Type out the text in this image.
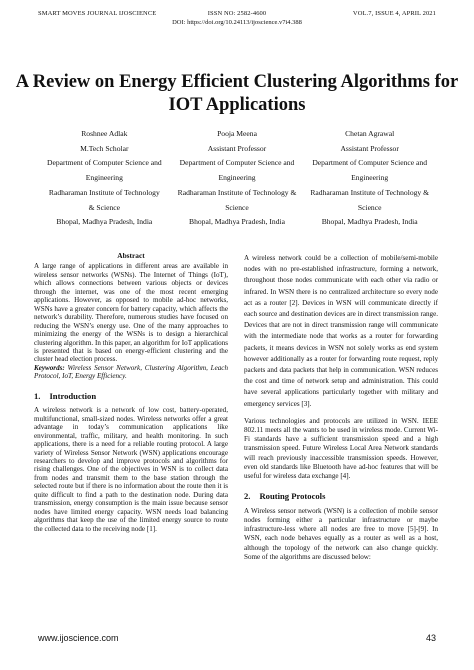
SMART MOVES JOURNAL IJOSCIENCE	ISSN NO: 2582-4600	VOL.7, ISSUE 4, APRIL 2021
DOI: https://doi.org/10.24113/ijoscience.v7i4.388
A Review on Energy Efficient Clustering Algorithms for
IOT Applications
Roshnee Adlak
M.Tech Scholar
Department of Computer Science and
Engineering
Radharaman Institute of Technology
& Science
Bhopal, Madhya Pradesh, India
Pooja Meena
Assistant Professor
Department of Computer Science and
Engineering
Radharaman Institute of Technology &
Science
Bhopal, Madhya Pradesh, India
Chetan Agrawal
Assistant Professor
Department of Computer Science and
Engineering
Radharaman Institute of Technology &
Science
Bhopal, Madhya Pradesh, India
Abstract
A large range of applications in different areas are available in wireless sensor networks (WSNs). The Internet of Things (IoT), which allows connections between various objects or devices through the internet, was one of the most recent emerging applications. However, as opposed to mobile ad-hoc networks, WSNs have a greater concern for battery capacity, which affects the network’s durability. Therefore, numerous studies have focused on reducing the WSN’s energy use. One of the many approaches to minimizing the energy of the WSNs is to design a hierarchical clustering algorithm. In this paper, an algorithm for IoT applications is presented that is based on energy-efficient clustering and the cluster head election process.
Keywords: Wireless Sensor Network, Clustering Algorithm, Leach Protocol, IoT, Energy Efficiency.
1. Introduction

A wireless network is a network of low cost, battery-operated, multifunctional, small-sized nodes. Wireless networks offer a great advantage in today’s communication applications like environmental, traffic, military, and health monitoring. In such applications, there is a need for a reliable routing protocol. A large variety of Wireless Sensor Network (WSN) applications encourage researchers to develop and improve protocols and algorithms for rising challenges. One of the objectives in WSN is to collect data from nodes and transmit them to the base station through the selected route but if there is no information about the route then it is quite difficult to find a path to the destination node. During data transmission, energy consumption is the main issue because sensor nodes have limited energy capacity. WSN needs load balancing algorithms that keep the use of the limited energy source to route the collected data to the receiving node [1].

A wireless network could be a collection of mobile/semi-mobile nodes with no pre-established infrastructure, forming a network, throughout those nodes communicate with each other via radio or infrared. In WSN there is no centralized architecture so every node act as a router [2]. Devices in WSN will communicate directly if each source and destination devices are in direct transmission range. Devices that are not in direct transmission range will communicate with the intermediate node that works as a router for forwarding packets, it means devices in WSN not solely works as end system however additionally as a router for forwarding route request, reply packets and data packets that help in communication. WSN reduces the cost and time of network setup and administration. This could have several applications particularly together with military and emergency services [3].

Various technologies and protocols are utilized in WSN. IEEE 802.11 meets all the wants to be used in wireless mode. Current Wi-Fi standards have a sufficient transmission speed and a high transmission speed. Future Wireless Local Area Network standards will reach previously inaccessible transmission speeds. However, even old standards like Bluetooth have ad-hoc features that will be useful for wireless data exchange [4].

2. Routing Protocols

A Wireless sensor network (WSN) is a collection of mobile sensor nodes forming either a particular infrastructure or maybe infrastructure-less where all nodes are free to move [5]-[9]. In WSN, each node behaves equally as a router as well as a host, although the topology of the network can also change quickly. Some of the algorithms are discussed below:

www.ijoscience.com	43
